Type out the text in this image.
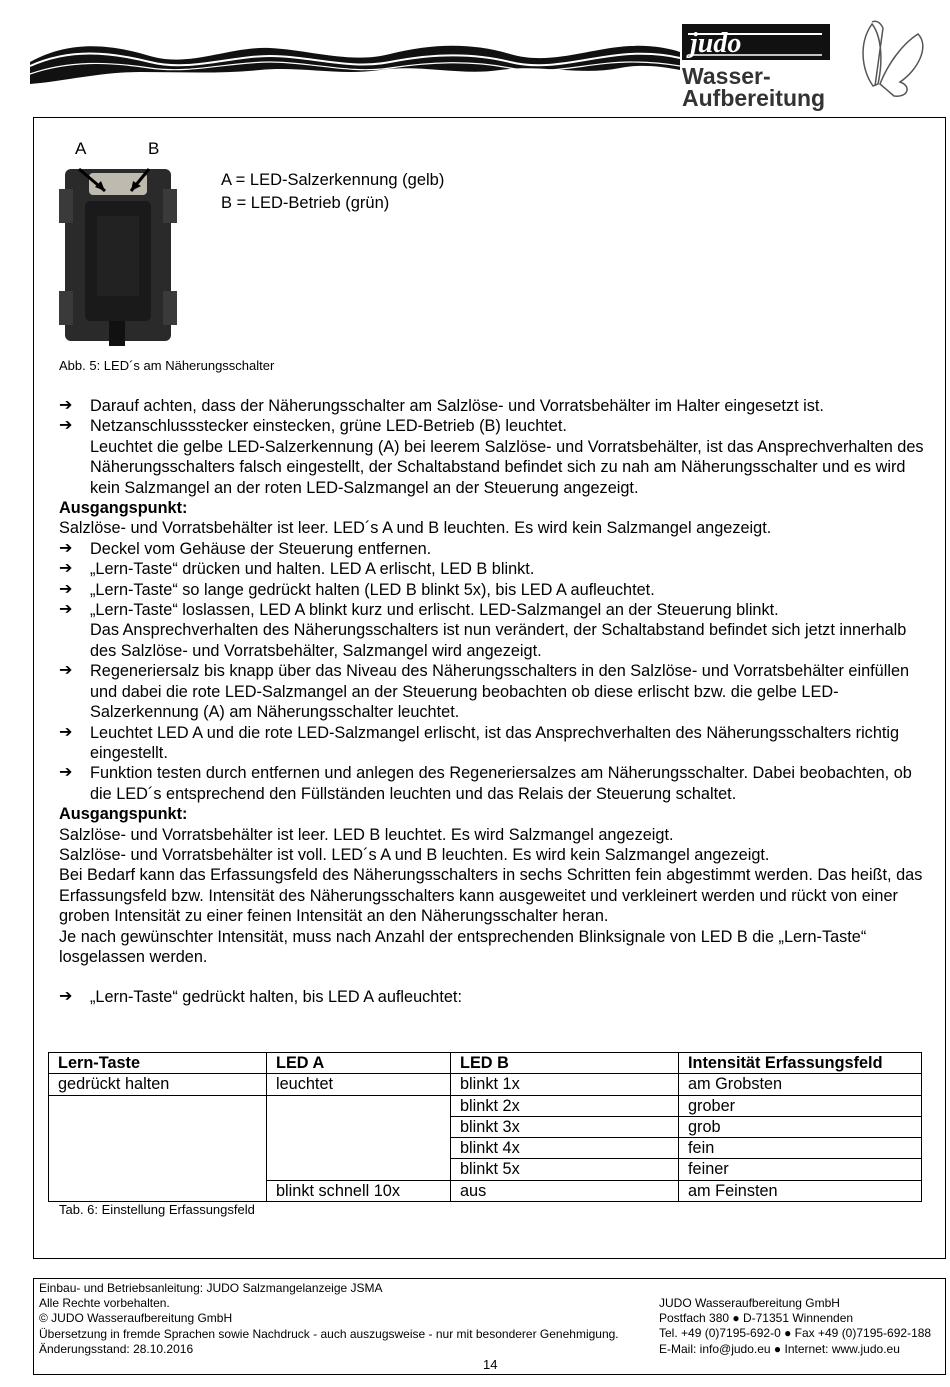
judo
Wasser-
Aufbereitung
A	B
A = LED-Salzerkennung (gelb)
B = LED-Betrieb (grün)
Abb. 5: LED´s am Näherungsschalter
➔ Darauf achten, dass der Näherungsschalter am Salzlöse- und Vorratsbehälter im Halter eingesetzt ist.
➔ Netzanschlussstecker einstecken, grüne LED-Betrieb (B) leuchtet.
Leuchtet die gelbe LED-Salzerkennung (A) bei leerem Salzlöse- und Vorratsbehälter, ist das Ansprechverhalten des Näherungsschalters falsch eingestellt, der Schaltabstand befindet sich zu nah am Näherungsschalter und es wird kein Salzmangel an der roten LED-Salzmangel an der Steuerung angezeigt.
Ausgangspunkt:
Salzlöse- und Vorratsbehälter ist leer. LED´s A und B leuchten. Es wird kein Salzmangel angezeigt.
➔ Deckel vom Gehäuse der Steuerung entfernen.
➔ „Lern-Taste“ drücken und halten. LED A erlischt, LED B blinkt.
➔ „Lern-Taste“ so lange gedrückt halten (LED B blinkt 5x), bis LED A aufleuchtet.
➔ „Lern-Taste“ loslassen, LED A blinkt kurz und erlischt. LED-Salzmangel an der Steuerung blinkt.
Das Ansprechverhalten des Näherungsschalters ist nun verändert, der Schaltabstand befindet sich jetzt innerhalb des Salzlöse- und Vorratsbehälter, Salzmangel wird angezeigt.
➔ Regeneriersalz bis knapp über das Niveau des Näherungsschalters in den Salzlöse- und Vorratsbehälter einfüllen und dabei die rote LED-Salzmangel an der Steuerung beobachten ob diese erlischt bzw. die gelbe LED-Salzerkennung (A) am Näherungsschalter leuchtet.
➔ Leuchtet LED A und die rote LED-Salzmangel erlischt, ist das Ansprechverhalten des Näherungsschalters richtig eingestellt.
➔ Funktion testen durch entfernen und anlegen des Regeneriersalzes am Näherungsschalter. Dabei beobachten, ob die LED´s entsprechend den Füllständen leuchten und das Relais der Steuerung schaltet.
Ausgangspunkt:
Salzlöse- und Vorratsbehälter ist leer. LED B leuchtet. Es wird Salzmangel angezeigt.
Salzlöse- und Vorratsbehälter ist voll. LED´s A und B leuchten. Es wird kein Salzmangel angezeigt.
Bei Bedarf kann das Erfassungsfeld des Näherungsschalters in sechs Schritten fein abgestimmt werden. Das heißt, das Erfassungsfeld bzw. Intensität des Näherungsschalters kann ausgeweitet und verkleinert werden und rückt von einer groben Intensität zu einer feinen Intensität an den Näherungsschalter heran.
Je nach gewünschter Intensität, muss nach Anzahl der entsprechenden Blinksignale von LED B die „Lern-Taste“ losgelassen werden.
➔ „Lern-Taste“ gedrückt halten, bis LED A aufleuchtet:
Lern-Taste	LED A	LED B	Intensität Erfassungsfeld
gedrückt halten	leuchtet	blinkt 1x	am Grobsten
		blinkt 2x	grober
		blinkt 3x	grob
		blinkt 4x	fein
		blinkt 5x	feiner
	blinkt schnell 10x	aus	am Feinsten
Tab. 6: Einstellung Erfassungsfeld
Einbau- und Betriebsanleitung: JUDO Salzmangelanzeige JSMA
Alle Rechte vorbehalten.
© JUDO Wasseraufbereitung GmbH
Übersetzung in fremde Sprachen sowie Nachdruck - auch auszugsweise - nur mit besonderer Genehmigung.
Änderungsstand: 28.10.2016
JUDO Wasseraufbereitung GmbH
Postfach 380 ● D-71351 Winnenden
Tel. +49 (0)7195-692-0 ● Fax +49 (0)7195-692-188
E-Mail: info@judo.eu ● Internet: www.judo.eu
14
